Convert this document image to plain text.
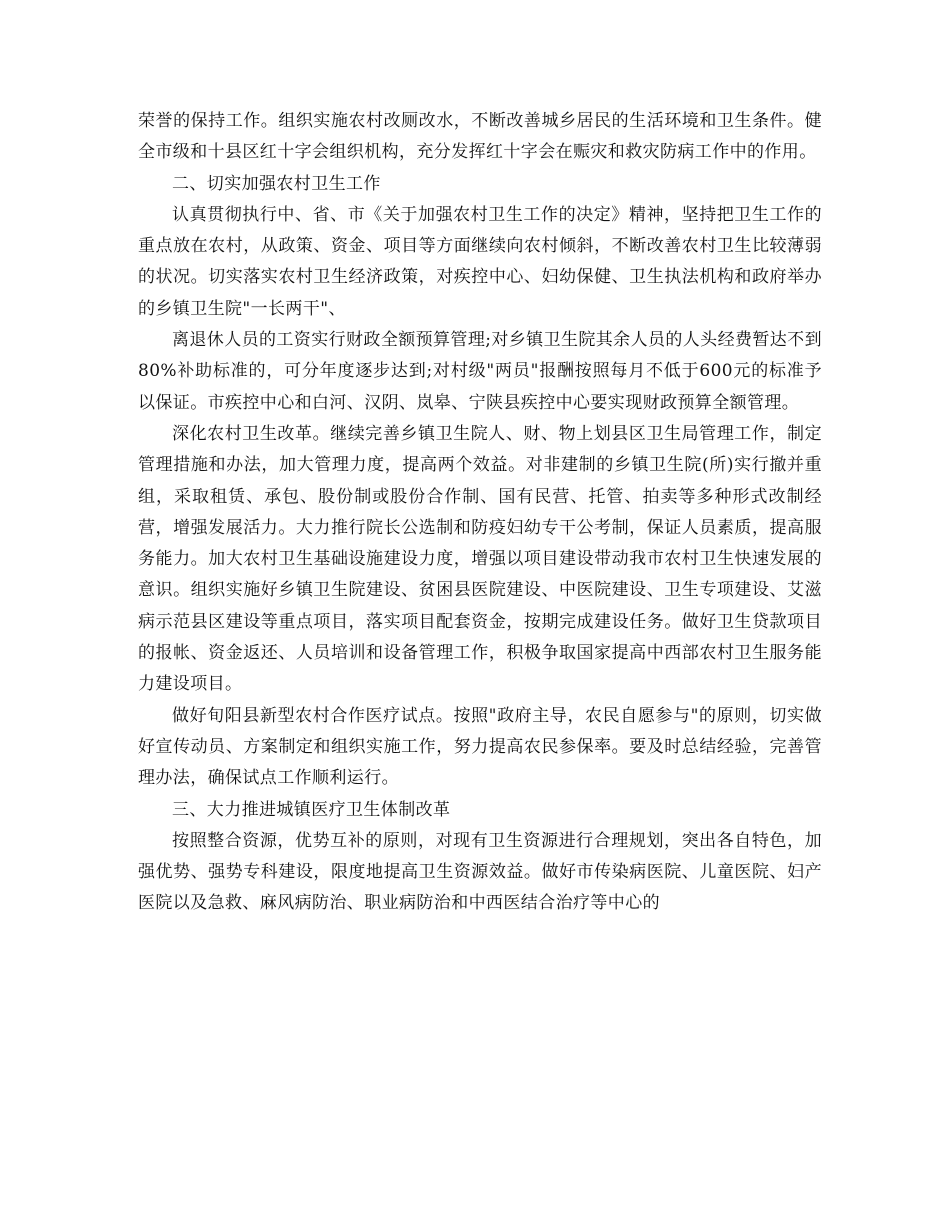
荣誉的保持工作。组织实施农村改厕改水，不断改善城乡居民的生活环境和卫生条件。健全市级和十县区红十字会组织机构，充分发挥红十字会在赈灾和救灾防病工作中的作用。

二、切实加强农村卫生工作

认真贯彻执行中、省、市《关于加强农村卫生工作的决定》精神，坚持把卫生工作的重点放在农村，从政策、资金、项目等方面继续向农村倾斜，不断改善农村卫生比较薄弱的状况。切实落实农村卫生经济政策，对疾控中心、妇幼保健、卫生执法机构和政府举办的乡镇卫生院"一长两干"、

离退休人员的工资实行财政全额预算管理;对乡镇卫生院其余人员的人头经费暂达不到80%补助标准的，可分年度逐步达到;对村级"两员"报酬按照每月不低于600元的标准予以保证。市疾控中心和白河、汉阴、岚皋、宁陕县疾控中心要实现财政预算全额管理。

深化农村卫生改革。继续完善乡镇卫生院人、财、物上划县区卫生局管理工作，制定管理措施和办法，加大管理力度，提高两个效益。对非建制的乡镇卫生院(所)实行撤并重组，采取租赁、承包、股份制或股份合作制、国有民营、托管、拍卖等多种形式改制经营，增强发展活力。大力推行院长公选制和防疫妇幼专干公考制，保证人员素质，提高服务能力。加大农村卫生基础设施建设力度，增强以项目建设带动我市农村卫生快速发展的意识。组织实施好乡镇卫生院建设、贫困县医院建设、中医院建设、卫生专项建设、艾滋病示范县区建设等重点项目，落实项目配套资金，按期完成建设任务。做好卫生贷款项目的报帐、资金返还、人员培训和设备管理工作，积极争取国家提高中西部农村卫生服务能力建设项目。

做好旬阳县新型农村合作医疗试点。按照"政府主导，农民自愿参与"的原则，切实做好宣传动员、方案制定和组织实施工作，努力提高农民参保率。要及时总结经验，完善管理办法，确保试点工作顺利运行。

三、大力推进城镇医疗卫生体制改革

按照整合资源，优势互补的原则，对现有卫生资源进行合理规划，突出各自特色，加强优势、强势专科建设，限度地提高卫生资源效益。做好市传染病医院、儿童医院、妇产医院以及急救、麻风病防治、职业病防治和中西医结合治疗等中心的
